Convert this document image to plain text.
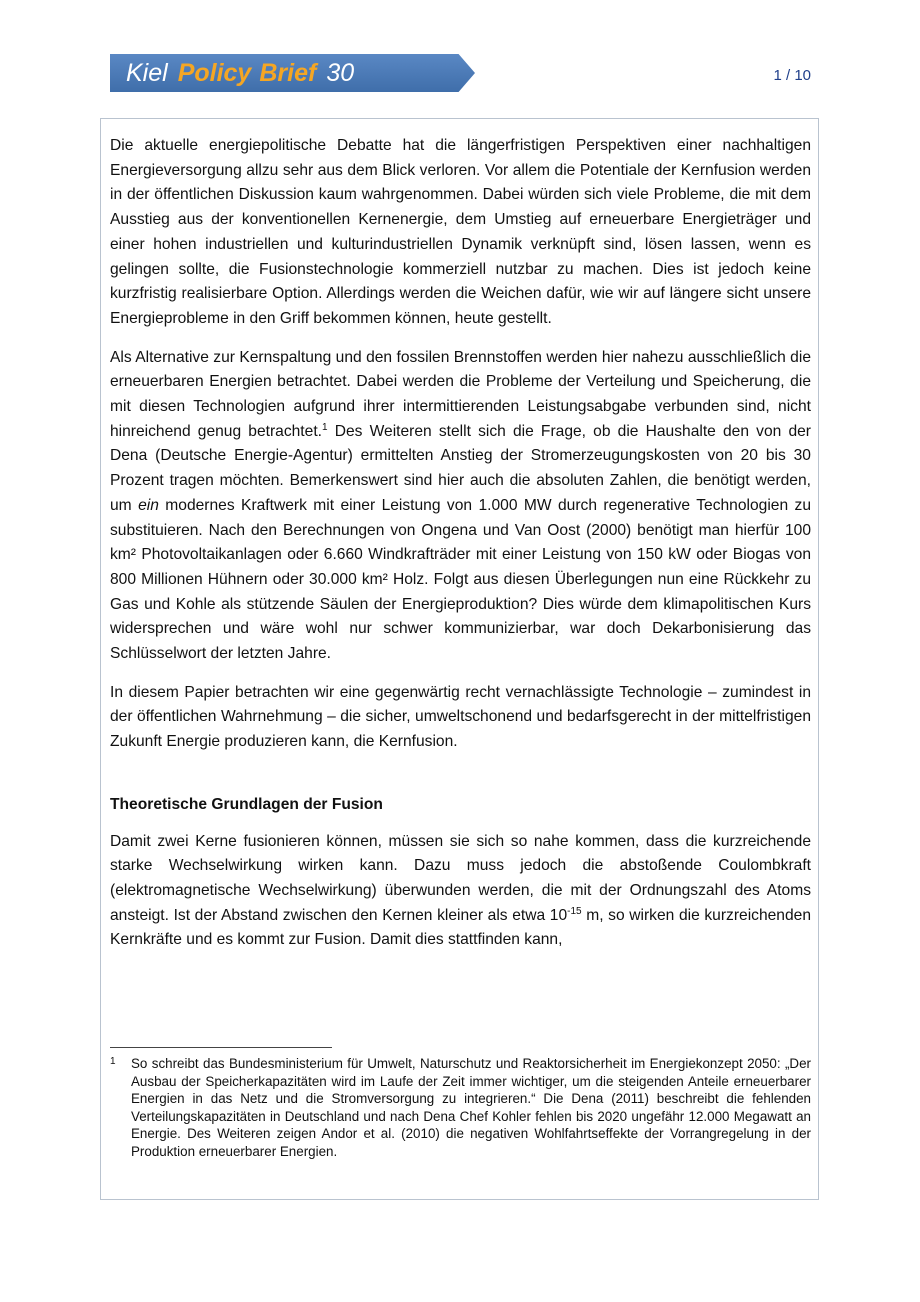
Kiel Policy Brief 30	1 / 10

Die aktuelle energiepolitische Debatte hat die längerfristigen Perspektiven einer nachhaltigen Energieversorgung allzu sehr aus dem Blick verloren. Vor allem die Potentiale der Kernfusion werden in der öffentlichen Diskussion kaum wahrgenommen. Dabei würden sich viele Probleme, die mit dem Ausstieg aus der konventionellen Kernenergie, dem Umstieg auf erneuerbare Energieträger und einer hohen industriellen und kulturindustriellen Dynamik verknüpft sind, lösen lassen, wenn es gelingen sollte, die Fusionstechnologie kommerziell nutzbar zu machen. Dies ist jedoch keine kurzfristig realisierbare Option. Allerdings werden die Weichen dafür, wie wir auf längere sicht unsere Energieprobleme in den Griff bekommen können, heute gestellt.

Als Alternative zur Kernspaltung und den fossilen Brennstoffen werden hier nahezu ausschließlich die erneuerbaren Energien betrachtet. Dabei werden die Probleme der Verteilung und Speicherung, die mit diesen Technologien aufgrund ihrer intermittierenden Leistungsabgabe verbunden sind, nicht hinreichend genug betrachtet.$^1$ Des Weiteren stellt sich die Frage, ob die Haushalte den von der Dena (Deutsche Energie-Agentur) ermittelten Anstieg der Stromerzeugungskosten von 20 bis 30 Prozent tragen möchten. Bemerkenswert sind hier auch die absoluten Zahlen, die benötigt werden, um ein modernes Kraftwerk mit einer Leistung von 1.000 MW durch regenerative Technologien zu substituieren. Nach den Berechnungen von Ongena und Van Oost (2000) benötigt man hierfür 100 km² Photovoltaikanlagen oder 6.660 Windkrafträder mit einer Leistung von 150 kW oder Biogas von 800 Millionen Hühnern oder 30.000 km² Holz. Folgt aus diesen Überlegungen nun eine Rückkehr zu Gas und Kohle als stützende Säulen der Energieproduktion? Dies würde dem klimapolitischen Kurs widersprechen und wäre wohl nur schwer kommunizierbar, war doch Dekarbonisierung das Schlüsselwort der letzten Jahre.

In diesem Papier betrachten wir eine gegenwärtig recht vernachlässigte Technologie – zumindest in der öffentlichen Wahrnehmung – die sicher, umweltschonend und bedarfsgerecht in der mittelfristigen Zukunft Energie produzieren kann, die Kernfusion.

Theoretische Grundlagen der Fusion

Damit zwei Kerne fusionieren können, müssen sie sich so nahe kommen, dass die kurzreichende starke Wechselwirkung wirken kann. Dazu muss jedoch die abstoßende Coulombkraft (elektromagnetische Wechselwirkung) überwunden werden, die mit der Ordnungszahl des Atoms ansteigt. Ist der Abstand zwischen den Kernen kleiner als etwa $10^{-15}$ m, so wirken die kurzreichenden Kernkräfte und es kommt zur Fusion. Damit dies stattfinden kann,

1 So schreibt das Bundesministerium für Umwelt, Naturschutz und Reaktorsicherheit im Energiekonzept 2050: „Der Ausbau der Speicherkapazitäten wird im Laufe der Zeit immer wichtiger, um die steigenden Anteile erneuerbarer Energien in das Netz und die Stromversorgung zu integrieren.“ Die Dena (2011) beschreibt die fehlenden Verteilungskapazitäten in Deutschland und nach Dena Chef Kohler fehlen bis 2020 ungefähr 12.000 Megawatt an Energie. Des Weiteren zeigen Andor et al. (2010) die negativen Wohlfahrtseffekte der Vorrangregelung in der Produktion erneuerbarer Energien.
